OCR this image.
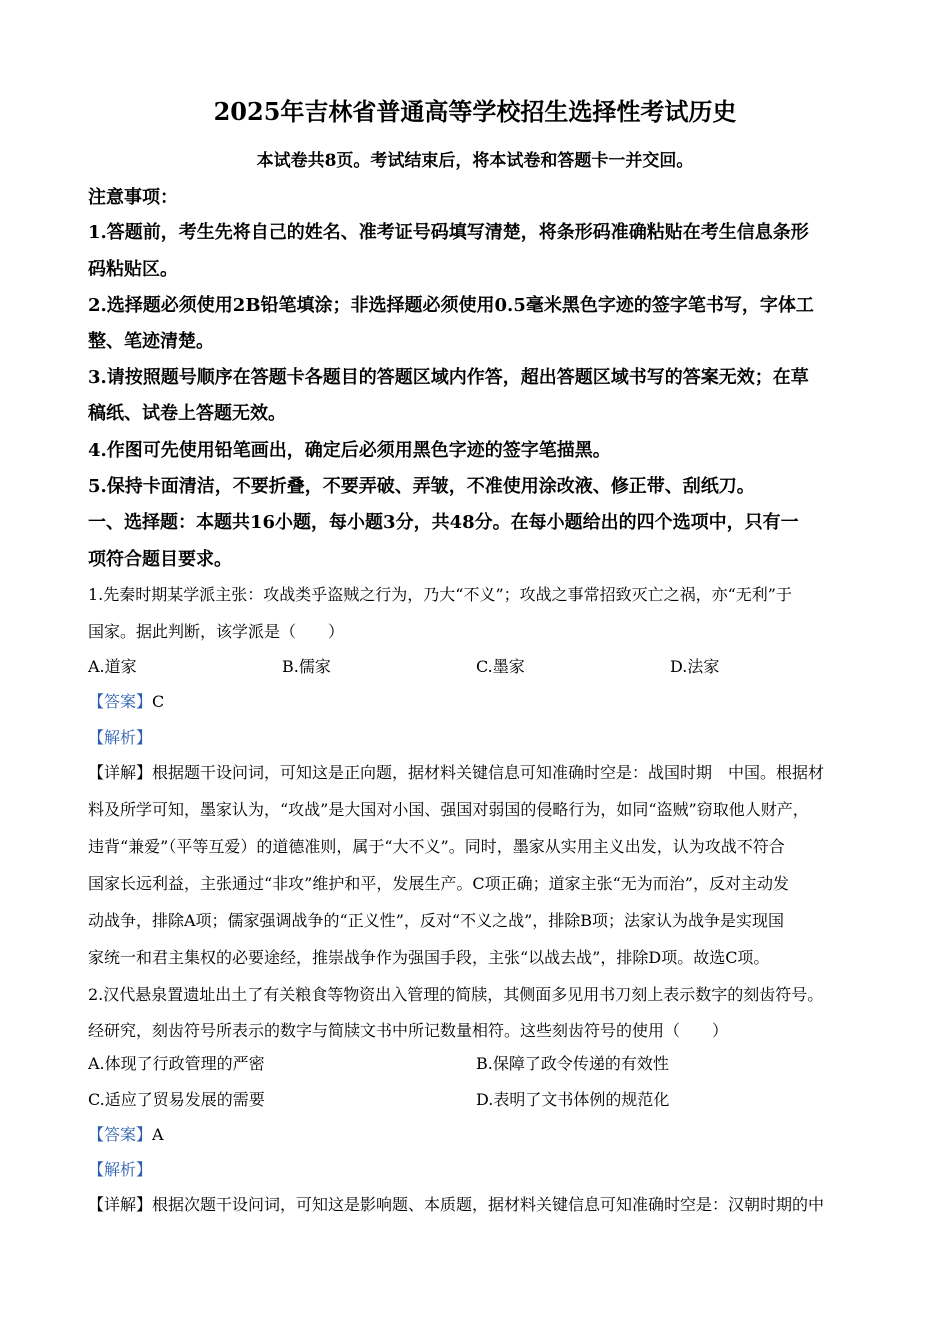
2025年吉林省普通高等学校招生选择性考试历史
本试卷共8页。考试结束后，将本试卷和答题卡一并交回。
注意事项：
1.答题前，考生先将自己的姓名、准考证号码填写清楚，将条形码准确粘贴在考生信息条形
码粘贴区。
2.选择题必须使用2B铅笔填涂；非选择题必须使用0.5毫米黑色字迹的签字笔书写，字体工
整、笔迹清楚。
3.请按照题号顺序在答题卡各题目的答题区域内作答，超出答题区域书写的答案无效；在草
稿纸、试卷上答题无效。
4.作图可先使用铅笔画出，确定后必须用黑色字迹的签字笔描黑。
5.保持卡面清洁，不要折叠，不要弄破、弄皱，不准使用涂改液、修正带、刮纸刀。
一、选择题：本题共16小题，每小题3分，共48分。在每小题给出的四个选项中，只有一
项符合题目要求。
1.先秦时期某学派主张：攻战类乎盗贼之行为，乃大“不义”；攻战之事常招致灭亡之祸，亦“无利”于
国家。据此判断，该学派是（　　）
A.道家	B.儒家	C.墨家	D.法家
【答案】C
【解析】
【详解】根据题干设问词，可知这是正向题，据材料关键信息可知准确时空是：战国时期　中国。根据材
料及所学可知，墨家认为，“攻战”是大国对小国、强国对弱国的侵略行为，如同“盗贼”窃取他人财产，
违背“兼爱”（平等互爱）的道德准则，属于“大不义”。同时，墨家从实用主义出发，认为攻战不符合
国家长远利益，主张通过“非攻”维护和平，发展生产。C项正确；道家主张“无为而治”，反对主动发
动战争，排除A项；儒家强调战争的“正义性”，反对“不义之战”，排除B项；法家认为战争是实现国
家统一和君主集权的必要途经，推崇战争作为强国手段，主张“以战去战”，排除D项。故选C项。
2.汉代悬泉置遗址出土了有关粮食等物资出入管理的简牍，其侧面多见用书刀刻上表示数字的刻齿符号。
经研究，刻齿符号所表示的数字与简牍文书中所记数量相符。这些刻齿符号的使用（　　）
A.体现了行政管理的严密	B.保障了政令传递的有效性
C.适应了贸易发展的需要	D.表明了文书体例的规范化
【答案】A
【解析】
【详解】根据次题干设问词，可知这是影响题、本质题，据材料关键信息可知准确时空是：汉朝时期的中
